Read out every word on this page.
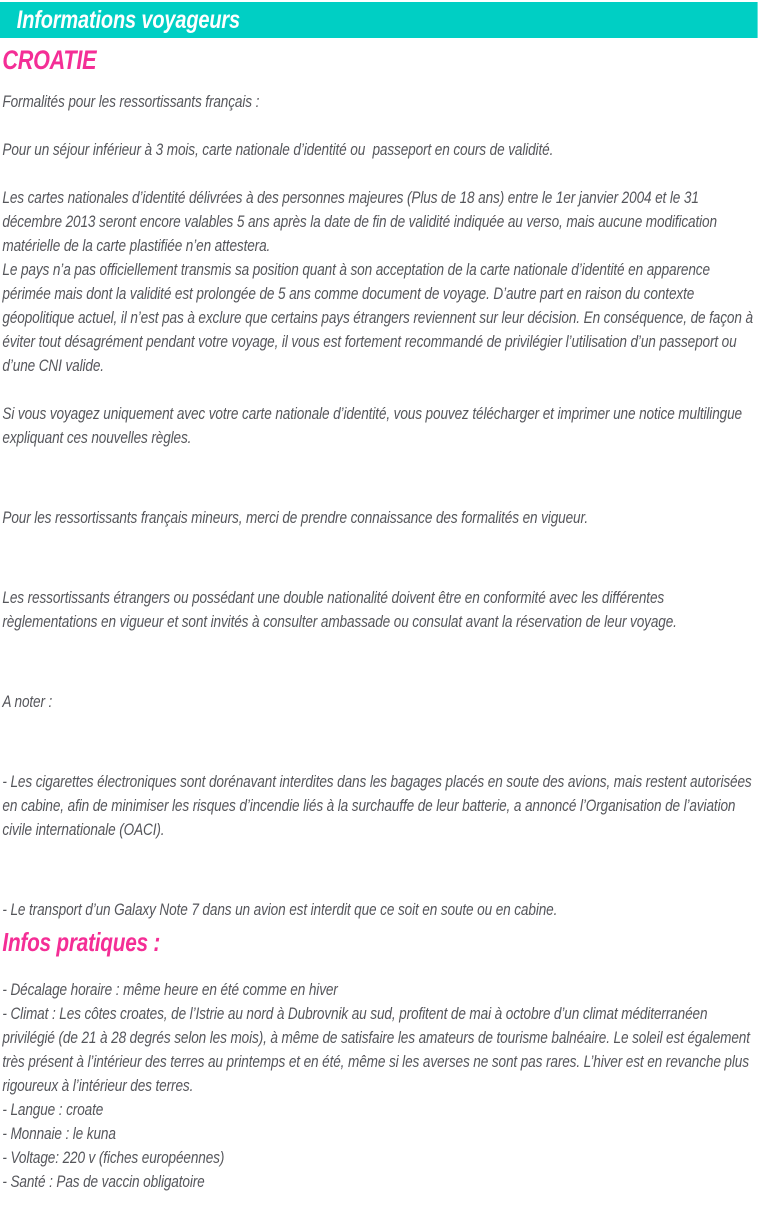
Informations voyageurs
CROATIE

Formalités pour les ressortissants français :

Pour un séjour inférieur à 3 mois, carte nationale d’identité ou  passeport en cours de validité.

Les cartes nationales d’identité délivrées à des personnes majeures (Plus de 18 ans) entre le 1er janvier 2004 et le 31 décembre 2013 seront encore valables 5 ans après la date de fin de validité indiquée au verso, mais aucune modification matérielle de la carte plastifiée n’en attestera.

Le pays n’a pas officiellement transmis sa position quant à son acceptation de la carte nationale d’identité en apparence périmée mais dont la validité est prolongée de 5 ans comme document de voyage. D’autre part en raison du contexte géopolitique actuel, il n’est pas à exclure que certains pays étrangers reviennent sur leur décision. En conséquence, de façon à éviter tout désagrément pendant votre voyage, il vous est fortement recommandé de privilégier l’utilisation d’un passeport ou d’une CNI valide.

Si vous voyagez uniquement avec votre carte nationale d’identité, vous pouvez télécharger et imprimer une notice multilingue expliquant ces nouvelles règles.

Pour les ressortissants français mineurs, merci de prendre connaissance des formalités en vigueur.

Les ressortissants étrangers ou possédant une double nationalité doivent être en conformité avec les différentes règlementations en vigueur et sont invités à consulter ambassade ou consulat avant la réservation de leur voyage.

A noter :

- Les cigarettes électroniques sont dorénavant interdites dans les bagages placés en soute des avions, mais restent autorisées en cabine, afin de minimiser les risques d’incendie liés à la surchauffe de leur batterie, a annoncé l’Organisation de l’aviation civile internationale (OACI).

- Le transport d’un Galaxy Note 7 dans un avion est interdit que ce soit en soute ou en cabine.

Infos pratiques :

- Décalage horaire : même heure en été comme en hiver

- Climat : Les côtes croates, de l’Istrie au nord à Dubrovnik au sud, profitent de mai à octobre d’un climat méditerranéen privilégié (de 21 à 28 degrés selon les mois), à même de satisfaire les amateurs de tourisme balnéaire. Le soleil est également très présent à l’intérieur des terres au printemps et en été, même si les averses ne sont pas rares. L’hiver est en revanche plus rigoureux à l’intérieur des terres.

- Langue : croate

- Monnaie : le kuna

- Voltage: 220 v (fiches européennes)

- Santé : Pas de vaccin obligatoire
